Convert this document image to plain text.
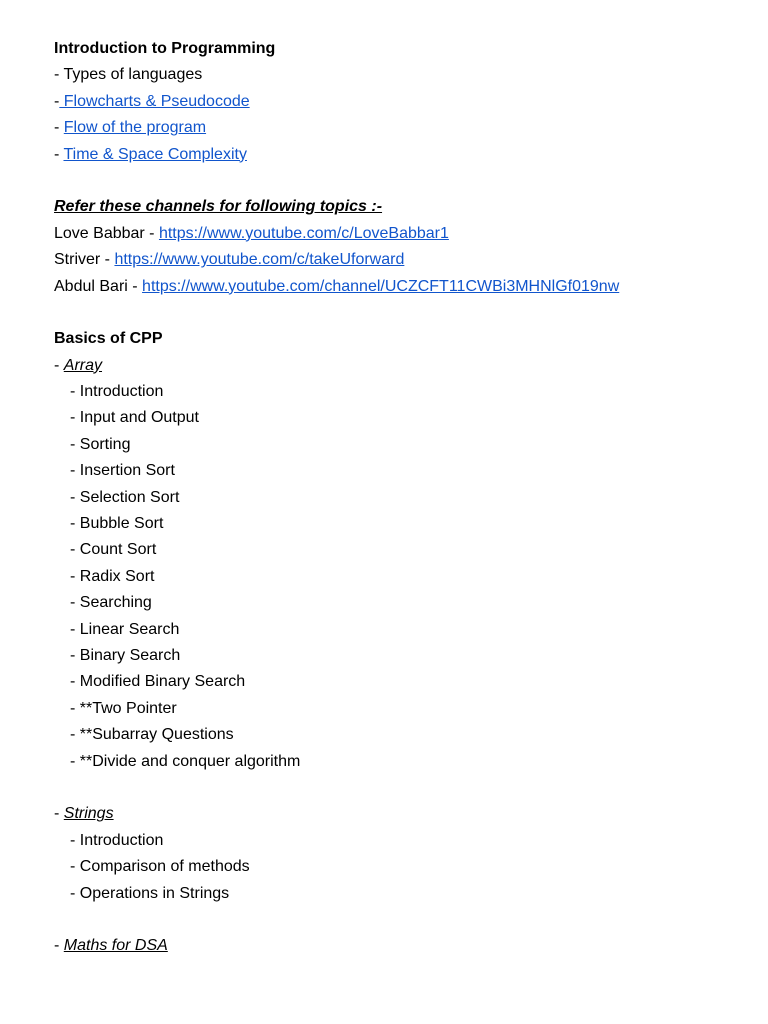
Introduction to Programming
- Types of languages
- Flowcharts & Pseudocode
- Flow of the program
- Time & Space Complexity
Refer these channels for following topics :-
Love Babbar - https://www.youtube.com/c/LoveBabbar1
Striver - https://www.youtube.com/c/takeUforward
Abdul Bari - https://www.youtube.com/channel/UCZCFT11CWBi3MHNlGf019nw
Basics of CPP
- Array
- Introduction
- Input and Output
- Sorting
- Insertion Sort
- Selection Sort
- Bubble Sort
- Count Sort
- Radix Sort
- Searching
- Linear Search
- Binary Search
- Modified Binary Search
- **Two Pointer
- **Subarray Questions
- **Divide and conquer algorithm
- Strings
- Introduction
- Comparison of methods
- Operations in Strings
- Maths for DSA
